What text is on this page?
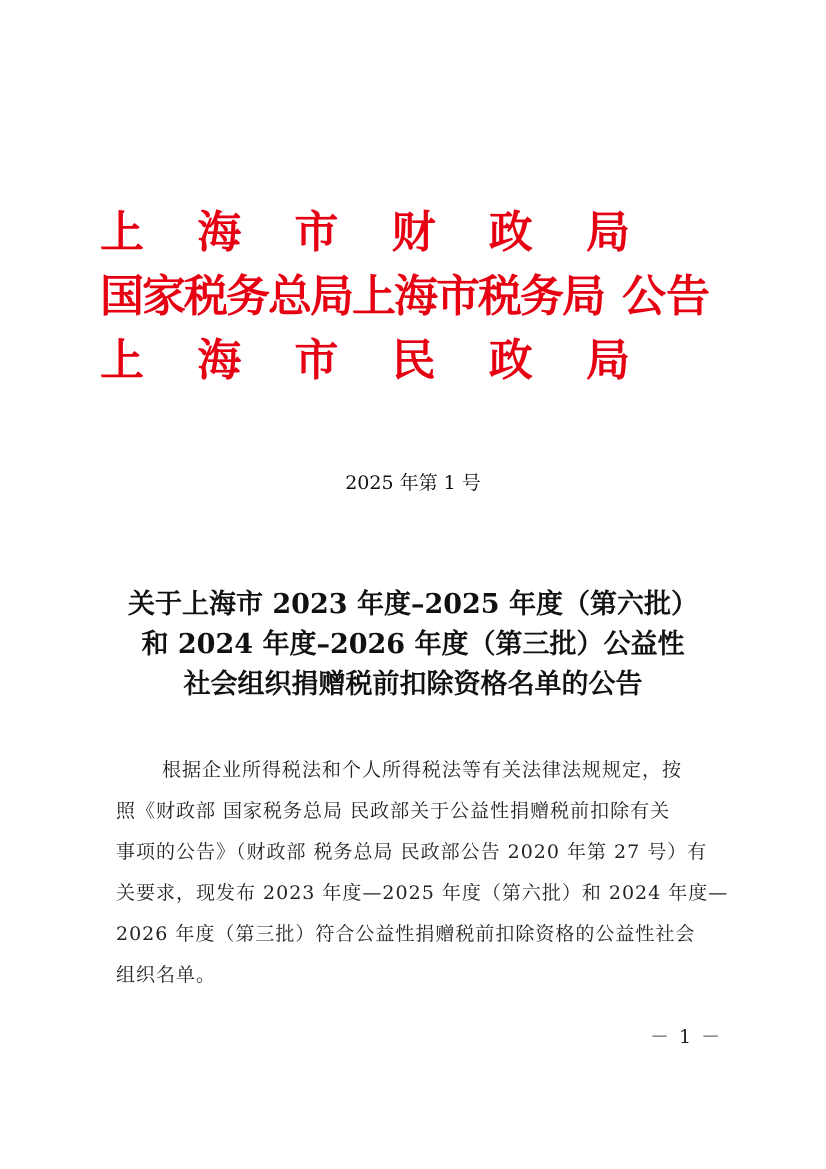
上 海 市 财 政 局
国家税务总局上海市税务局 公告
上 海 市 民 政 局
2025 年第 1 号
关于上海市 2023 年度–2025 年度（第六批）
和 2024 年度–2026 年度（第三批）公益性
社会组织捐赠税前扣除资格名单的公告
根据企业所得税法和个人所得税法等有关法律法规规定，按
照《财政部 国家税务总局 民政部关于公益性捐赠税前扣除有关
事项的公告》（财政部 税务总局 民政部公告 2020 年第 27 号）有
关要求，现发布 2023 年度—2025 年度（第六批）和 2024 年度—
2026 年度（第三批）符合公益性捐赠税前扣除资格的公益性社会
组织名单。
－ 1 －
